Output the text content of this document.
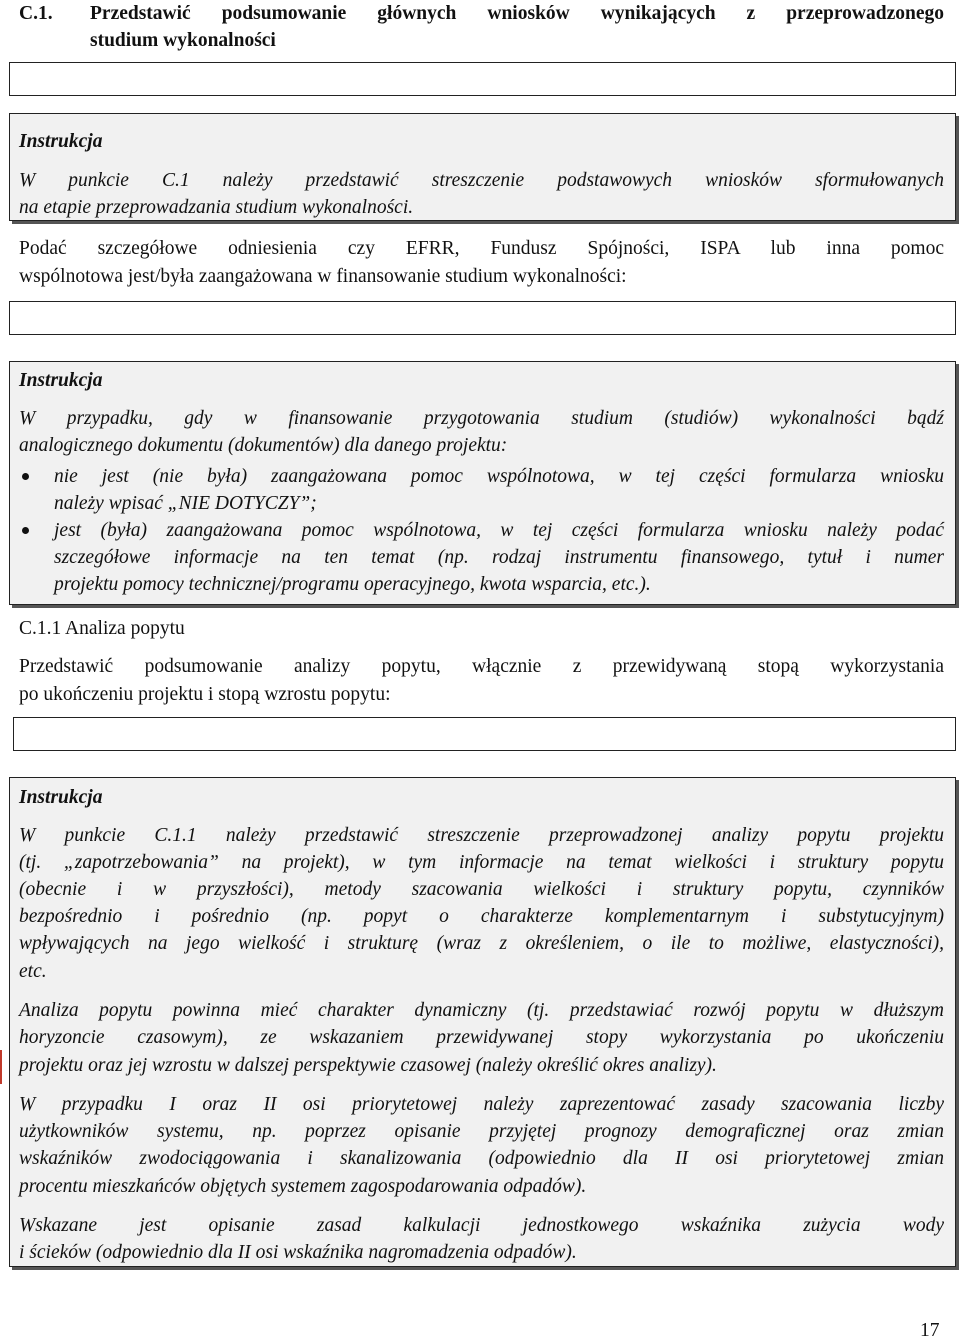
C.1. Przedstawić podsumowanie głównych wniosków wynikających z przeprowadzonego
studium wykonalności
Instrukcja
W punkcie C.1 należy przedstawić streszczenie podstawowych wniosków sformułowanych
na etapie przeprowadzania studium wykonalności.
Podać szczegółowe odniesienia czy EFRR, Fundusz Spójności, ISPA lub inna pomoc
wspólnotowa jest/była zaangażowana w finansowanie studium wykonalności:
Instrukcja
W przypadku, gdy w finansowanie przygotowania studium (studiów) wykonalności bądź
analogicznego dokumentu (dokumentów) dla danego projektu:
nie jest (nie była) zaangażowana pomoc wspólnotowa, w tej części formularza wniosku
należy wpisać „NIE DOTYCZY”;
jest (była) zaangażowana pomoc wspólnotowa, w tej części formularza wniosku należy podać
szczegółowe informacje na ten temat (np. rodzaj instrumentu finansowego, tytuł i numer
projektu pomocy technicznej/programu operacyjnego, kwota wsparcia, etc.).
C.1.1 Analiza popytu
Przedstawić podsumowanie analizy popytu, włącznie z przewidywaną stopą wykorzystania
po ukończeniu projektu i stopą wzrostu popytu:
Instrukcja
W punkcie C.1.1 należy przedstawić streszczenie przeprowadzonej analizy popytu projektu
(tj. „zapotrzebowania” na projekt), w tym informacje na temat wielkości i struktury popytu
(obecnie i w przyszłości), metody szacowania wielkości i struktury popytu, czynników
bezpośrednio i pośrednio (np. popyt o charakterze komplementarnym i substytucyjnym)
wpływających na jego wielkość i strukturę (wraz z określeniem, o ile to możliwe, elastyczności),
etc.
Analiza popytu powinna mieć charakter dynamiczny (tj. przedstawiać rozwój popytu w dłuższym
horyzoncie czasowym), ze wskazaniem przewidywanej stopy wykorzystania po ukończeniu
projektu oraz jej wzrostu w dalszej perspektywie czasowej (należy określić okres analizy).
W przypadku I oraz II osi priorytetowej należy zaprezentować zasady szacowania liczby
użytkowników systemu, np. poprzez opisanie przyjętej prognozy demograficznej oraz zmian
wskaźników zwodociągowania i skanalizowania (odpowiednio dla II osi priorytetowej zmian
procentu mieszkańców objętych systemem zagospodarowania odpadów).
Wskazane jest opisanie zasad kalkulacji jednostkowego wskaźnika zużycia wody
i ścieków (odpowiednio dla II osi wskaźnika nagromadzenia odpadów).
17
